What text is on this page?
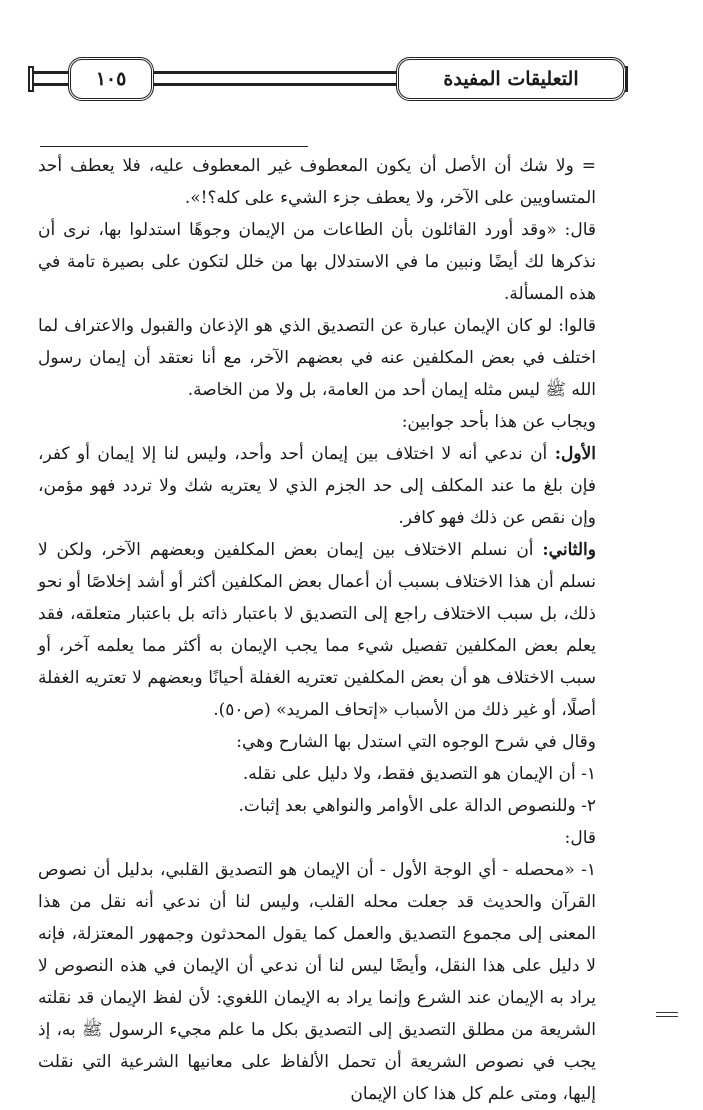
١٠٥	التعليقات المفيدة

= ولا شك أن الأصل أن يكون المعطوف غير المعطوف عليه، فلا يعطف أحد المتساويين على الآخر، ولا يعطف جزء الشيء على كله؟!».

قال: «وقد أورد القائلون بأن الطاعات من الإيمان وجوهًا استدلوا بها، نرى أن نذكرها لك أيضًا ونبين ما في الاستدلال بها من خلل لتكون على بصيرة تامة في هذه المسألة.

قالوا: لو كان الإيمان عبارة عن التصديق الذي هو الإذعان والقبول والاعتراف لما اختلف في بعض المكلفين عنه في بعضهم الآخر، مع أنا نعتقد أن إيمان رسول الله ﷺ ليس مثله إيمان أحد من العامة، بل ولا من الخاصة.

ويجاب عن هذا بأحد جوابين:

الأول: أن ندعي أنه لا اختلاف بين إيمان أحد وأحد، وليس لنا إلا إيمان أو كفر، فإن بلغ ما عند المكلف إلى حد الجزم الذي لا يعتريه شك ولا تردد فهو مؤمن، وإن نقص عن ذلك فهو كافر.

والثاني: أن نسلم الاختلاف بين إيمان بعض المكلفين وبعضهم الآخر، ولكن لا نسلم أن هذا الاختلاف بسبب أن أعمال بعض المكلفين أكثر أو أشد إخلاصًا أو نحو ذلك، بل سبب الاختلاف راجع إلى التصديق لا باعتبار ذاته بل باعتبار متعلقه، فقد يعلم بعض المكلفين تفصيل شيء مما يجب الإيمان به أكثر مما يعلمه آخر، أو سبب الاختلاف هو أن بعض المكلفين تعتريه الغفلة أحيانًا وبعضهم لا تعتريه الغفلة أصلًا، أو غير ذلك من الأسباب «إتحاف المريد» (ص٥٠).

وقال في شرح الوجوه التي استدل بها الشارح وهي:

١- أن الإيمان هو التصديق فقط، ولا دليل على نقله.

٢- وللنصوص الدالة على الأوامر والنواهي بعد إثبات.

قال:

١- «محصله - أي الوجة الأول - أن الإيمان هو التصديق القلبي، بدليل أن نصوص القرآن والحديث قد جعلت محله القلب، وليس لنا أن ندعي أنه نقل من هذا المعنى إلى مجموع التصديق والعمل كما يقول المحدثون وجمهور المعتزلة، فإنه لا دليل على هذا النقل، وأيضًا ليس لنا أن ندعي أن الإيمان في هذه النصوص لا يراد به الإيمان عند الشرع وإنما يراد به الإيمان اللغوي: لأن لفظ الإيمان قد نقلته الشريعة من مطلق التصديق إلى التصديق بكل ما علم مجيء الرسول ﷺ به، إذ يجب في نصوص الشريعة أن تحمل الألفاظ على معانيها الشرعية التي نقلت إليها، ومتى علم كل هذا كان الإيمان
